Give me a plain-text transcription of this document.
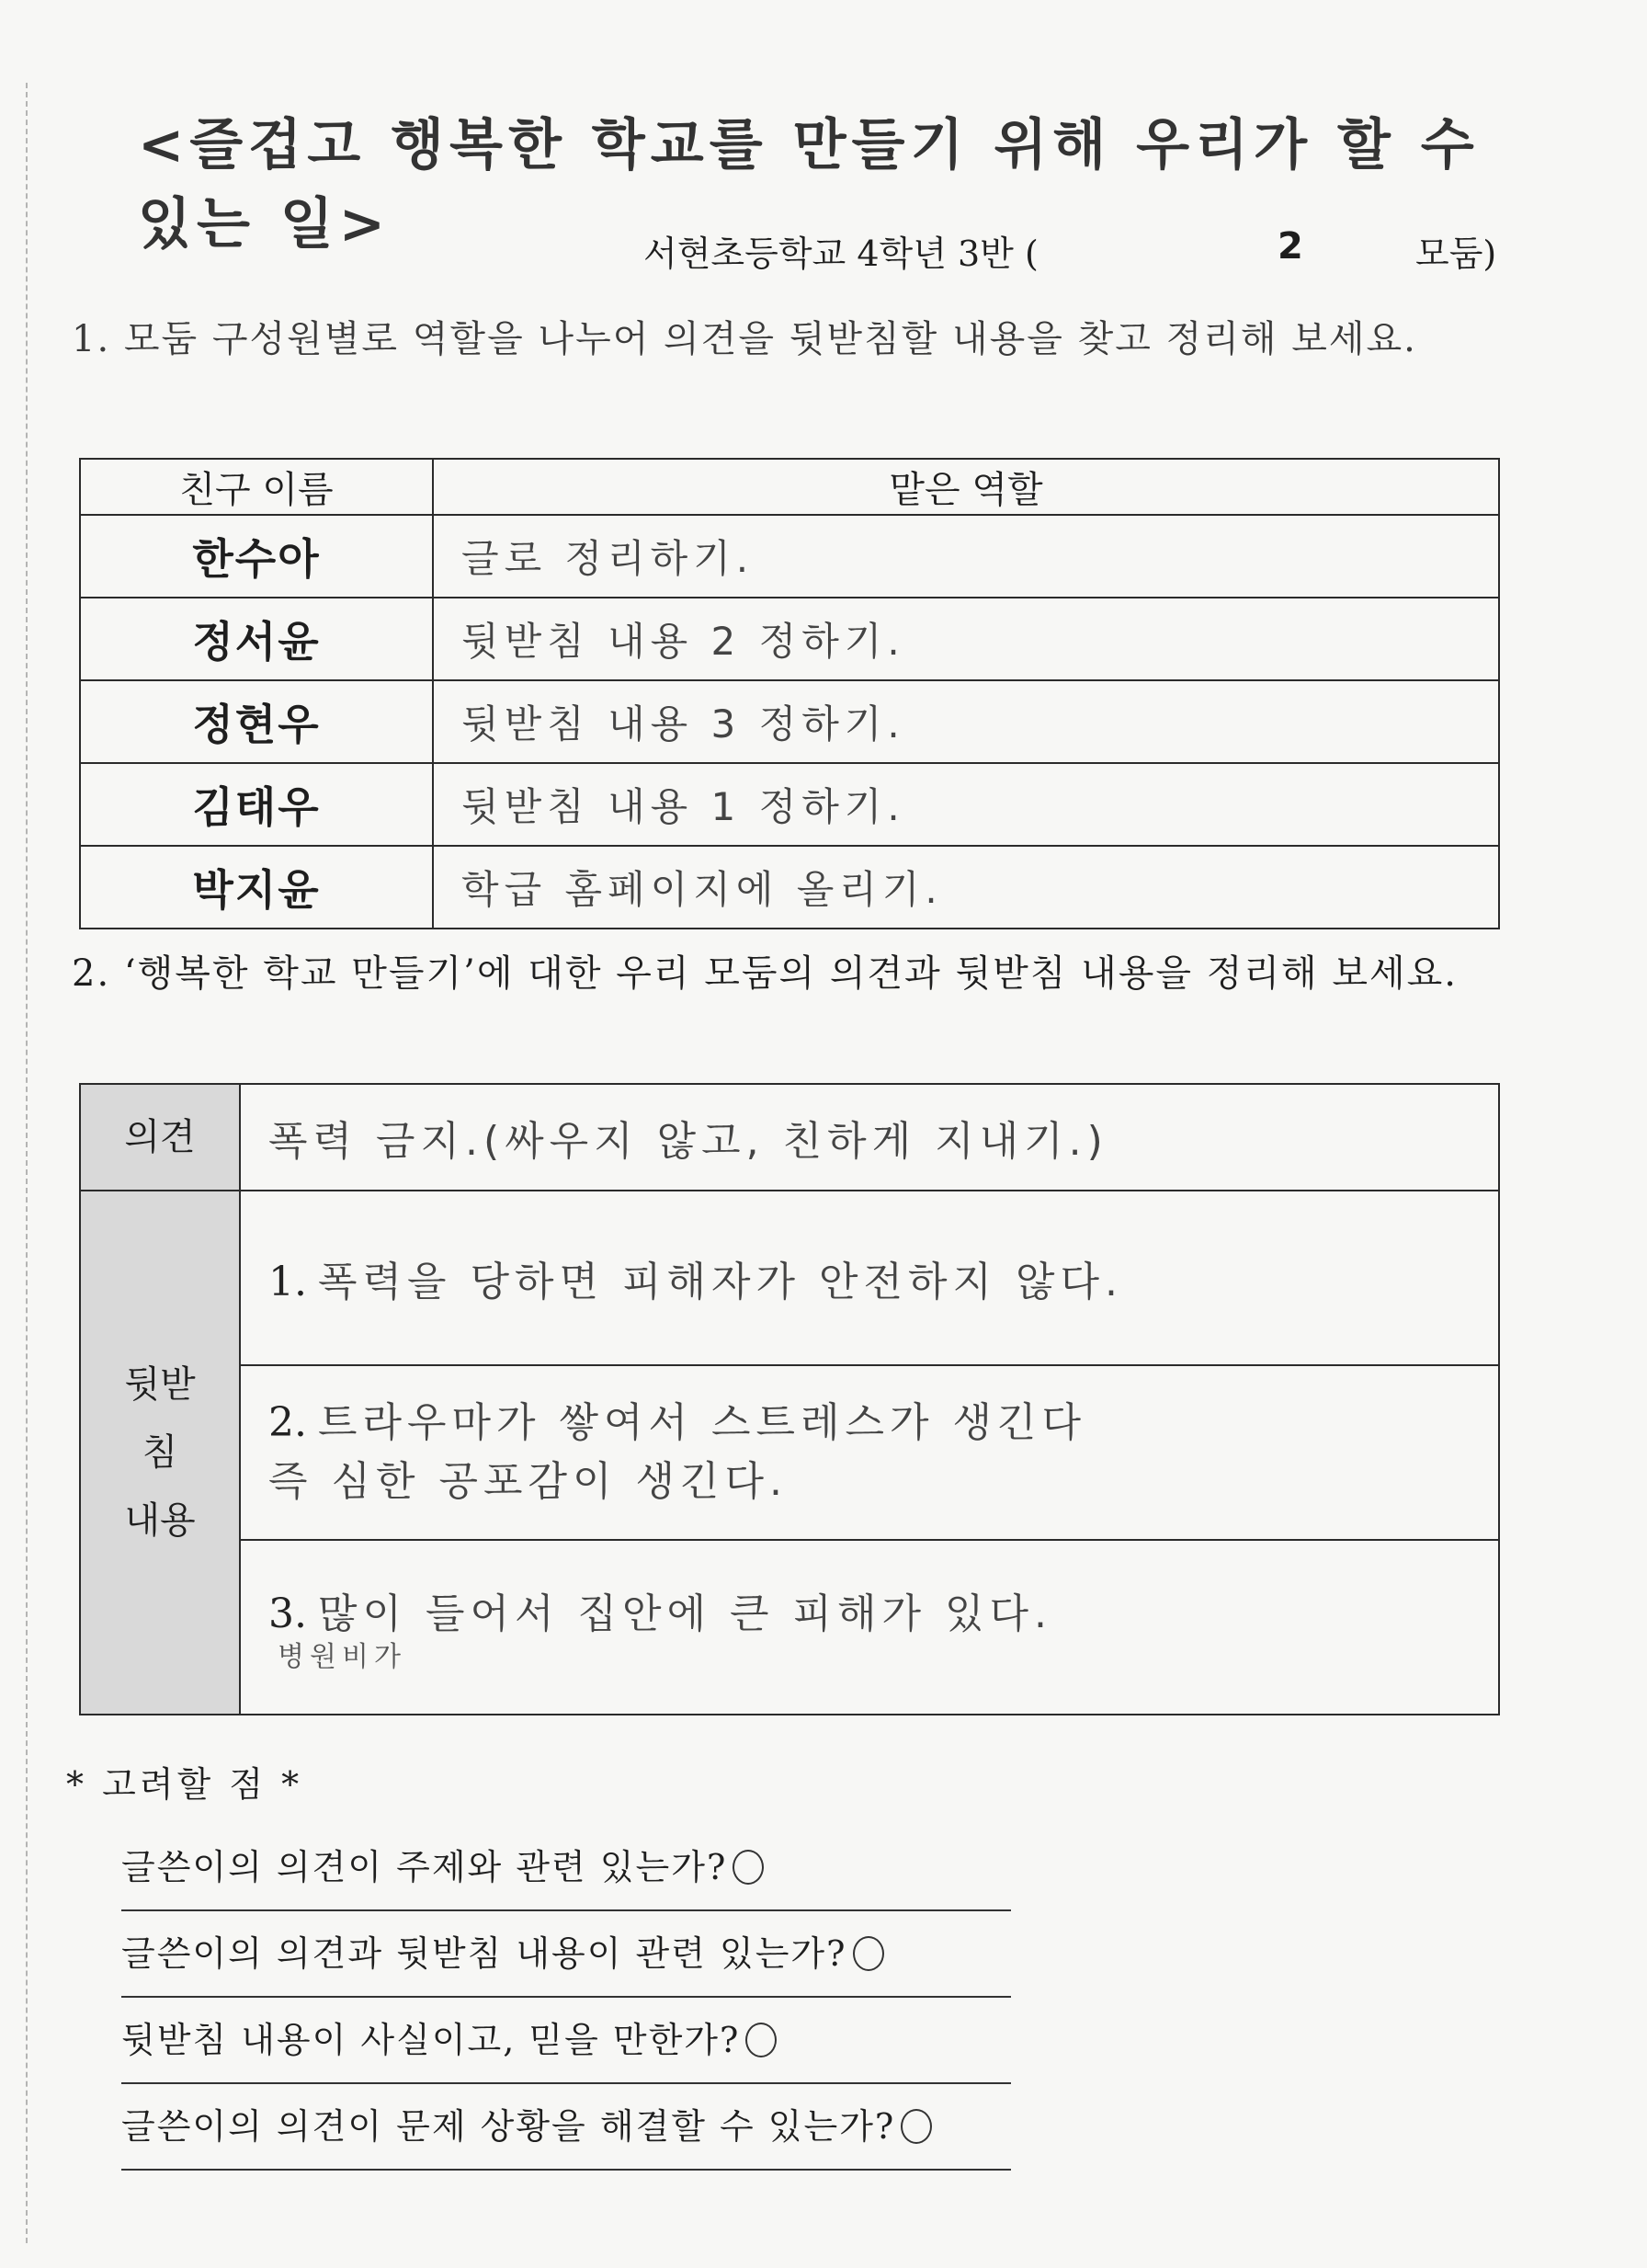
<즐겁고 행복한 학교를 만들기 위해 우리가 할 수 있는 일>	서현초등학교 4학년 3반 (	2	모둠)
1. 모둠 구성원별로 역할을 나누어 의견을 뒷받침할 내용을 찾고 정리해 보세요.
친구 이름	맡은 역할
한수아	글로 정리하기.
정서윤	뒷받침 내용 2 정하기.
정현우	뒷받침 내용 3 정하기.
김태우	뒷받침 내용 1 정하기.
박지윤	학급 홈페이지에 올리기.
2. ‘행복한 학교 만들기’에 대한 우리 모둠의 의견과 뒷받침 내용을 정리해 보세요.
의견	폭력 금지.(싸우지 않고, 친하게 지내기.)

뒷받
침
내용	1. 폭력을 당하면 피해자가 안전하지 않다.

	2. 트라우마가 쌓여서 스트레스가 생긴다
즉 심한 공포감이 생긴다.

	3. 많이 들어서 집안에 큰 피해가 있다.
병원비가
* 고려할 점 *
글쓴이의 의견이 주제와 관련 있는가?
글쓴이의 의견과 뒷받침 내용이 관련 있는가?
뒷받침 내용이 사실이고, 믿을 만한가?
글쓴이의 의견이 문제 상황을 해결할 수 있는가?
